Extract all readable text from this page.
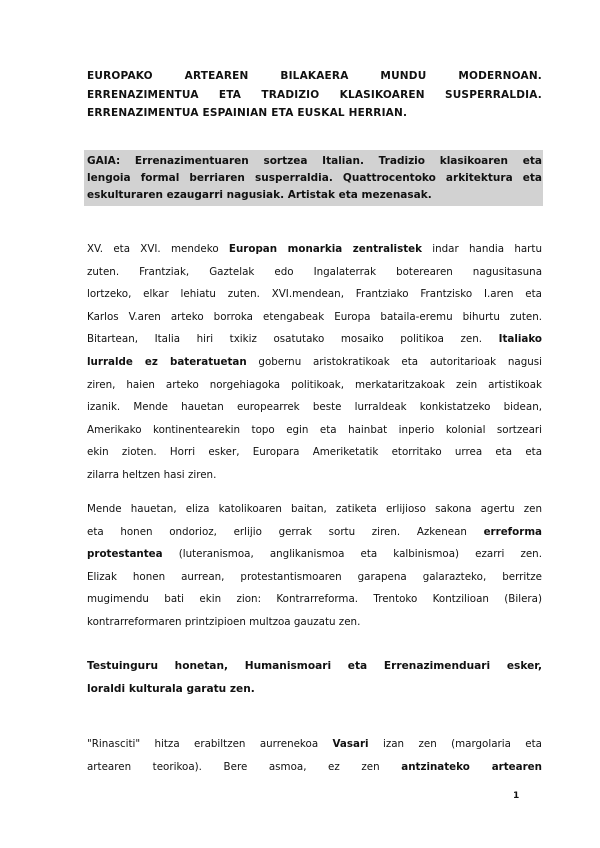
EUROPAKO ARTEAREN BILAKAERA MUNDU MODERNOAN.
ERRENAZIMENTUA ETA TRADIZIO KLASIKOAREN SUSPERRALDIA.
ERRENAZIMENTUA ESPAINIAN ETA EUSKAL HERRIAN.
GAIA: Errenazimentuaren sortzea Italian. Tradizio klasikoaren eta
lengoia formal berriaren susperraldia. Quattrocentoko arkitektura eta
eskulturaren ezaugarri nagusiak. Artistak eta mezenasak.
XV. eta XVI. mendeko Europan monarkia zentralistek indar handia hartu
zuten. Frantziak, Gaztelak edo Ingalaterrak boterearen nagusitasuna
lortzeko, elkar lehiatu zuten. XVI.mendean, Frantziako Frantzisko I.aren eta
Karlos V.aren arteko borroka etengabeak Europa bataila-eremu bihurtu zuten.
Bitartean, Italia hiri txikiz osatutako mosaiko politikoa zen. Italiako
lurralde ez bateratuetan gobernu aristokratikoak eta autoritarioak nagusi
ziren, haien arteko norgehiagoka politikoak, merkataritzakoak zein artistikoak
izanik. Mende hauetan europearrek beste lurraldeak konkistatzeko bidean,
Amerikako kontinentearekin topo egin eta hainbat inperio kolonial sortzeari
ekin zioten. Horri esker, Europara Ameriketatik etorritako urrea eta eta
zilarra heltzen hasi ziren.
Mende hauetan, eliza katolikoaren baitan, zatiketa erlijioso sakona agertu zen
eta honen ondorioz, erlijio gerrak sortu ziren. Azkenean erreforma
protestantea (luteranismoa, anglikanismoa eta kalbinismoa) ezarri zen.
Elizak honen aurrean, protestantismoaren garapena galarazteko, berritze
mugimendu bati ekin zion: Kontrarreforma. Trentoko Kontzilioan (Bilera)
kontrarreformaren printzipioen multzoa gauzatu zen.
Testuinguru honetan, Humanismoari eta Errenazimenduari esker,
loraldi kulturala garatu zen.
"Rinasciti" hitza erabiltzen aurrenekoa Vasari izan zen (margolaria eta
artearen teorikoa). Bere asmoa, ez zen antzinateko artearen
1
